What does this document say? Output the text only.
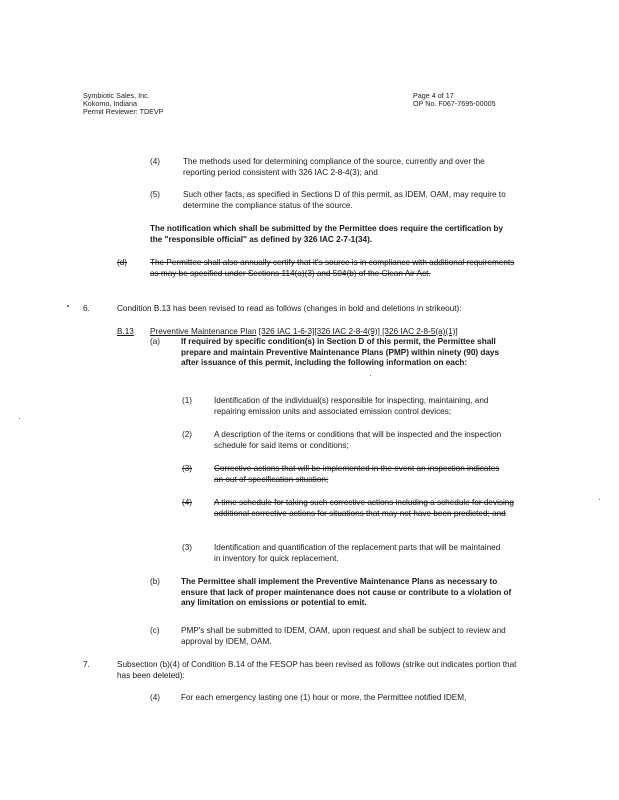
Symbiotic Sales, Inc.
Kokomo, Indiana
Permit Reviewer: TDEVP
Page 4 of 17
OP No. F067-7695-00005
(4)	The methods used for determining compliance of the source, currently and over the reporting period consistent with 326 IAC 2-8-4(3); and
(5)	Such other facts, as specified in Sections D of this permit, as IDEM, OAM, may require to determine the compliance status of the source.
The notification which shall be submitted by the Permittee does require the certification by the "responsible official" as defined by 326 IAC 2-7-1(34).
(d)	The Permittee shall also annually certify that it's source is in compliance with additional requirements as may be specified under Sections 114(a)(3) and 504(b) of the Clean Air Act.
6.	Condition B.13 has been revised to read as follows (changes in bold and deletions in strikeout):
B.13 Preventive Maintenance Plan [326 IAC 1-6-3][326 IAC 2-8-4(9)] [326 IAC 2-8-5(a)(1)]
(a)	If required by specific condition(s) in Section D of this permit, the Permittee shall prepare and maintain Preventive Maintenance Plans (PMP) within ninety (90) days after issuance of this permit, including the following information on each:
(1)	Identification of the individual(s) responsible for inspecting, maintaining, and repairing emission units and associated emission control devices;
(2)	A description of the items or conditions that will be inspected and the inspection schedule for said items or conditions;
(3)	Corrective actions that will be implemented in the event an inspection indicates an out of specification situation;
(4)	A time schedule for taking such corrective actions including a schedule for devising additional corrective actions for situations that may not have been predicted; and
(3)	Identification and quantification of the replacement parts that will be maintained in inventory for quick replacement.
(b)	The Permittee shall implement the Preventive Maintenance Plans as necessary to ensure that lack of proper maintenance does not cause or contribute to a violation of any limitation on emissions or potential to emit.
(c)	PMP's shall be submitted to IDEM, OAM, upon request and shall be subject to review and approval by IDEM, OAM.
7.	Subsection (b)(4) of Condition B.14 of the FESOP has been revised as follows (strike out indicates portion that has been deleted):
(4)	For each emergency lasting one (1) hour or more, the Permittee notified IDEM,
